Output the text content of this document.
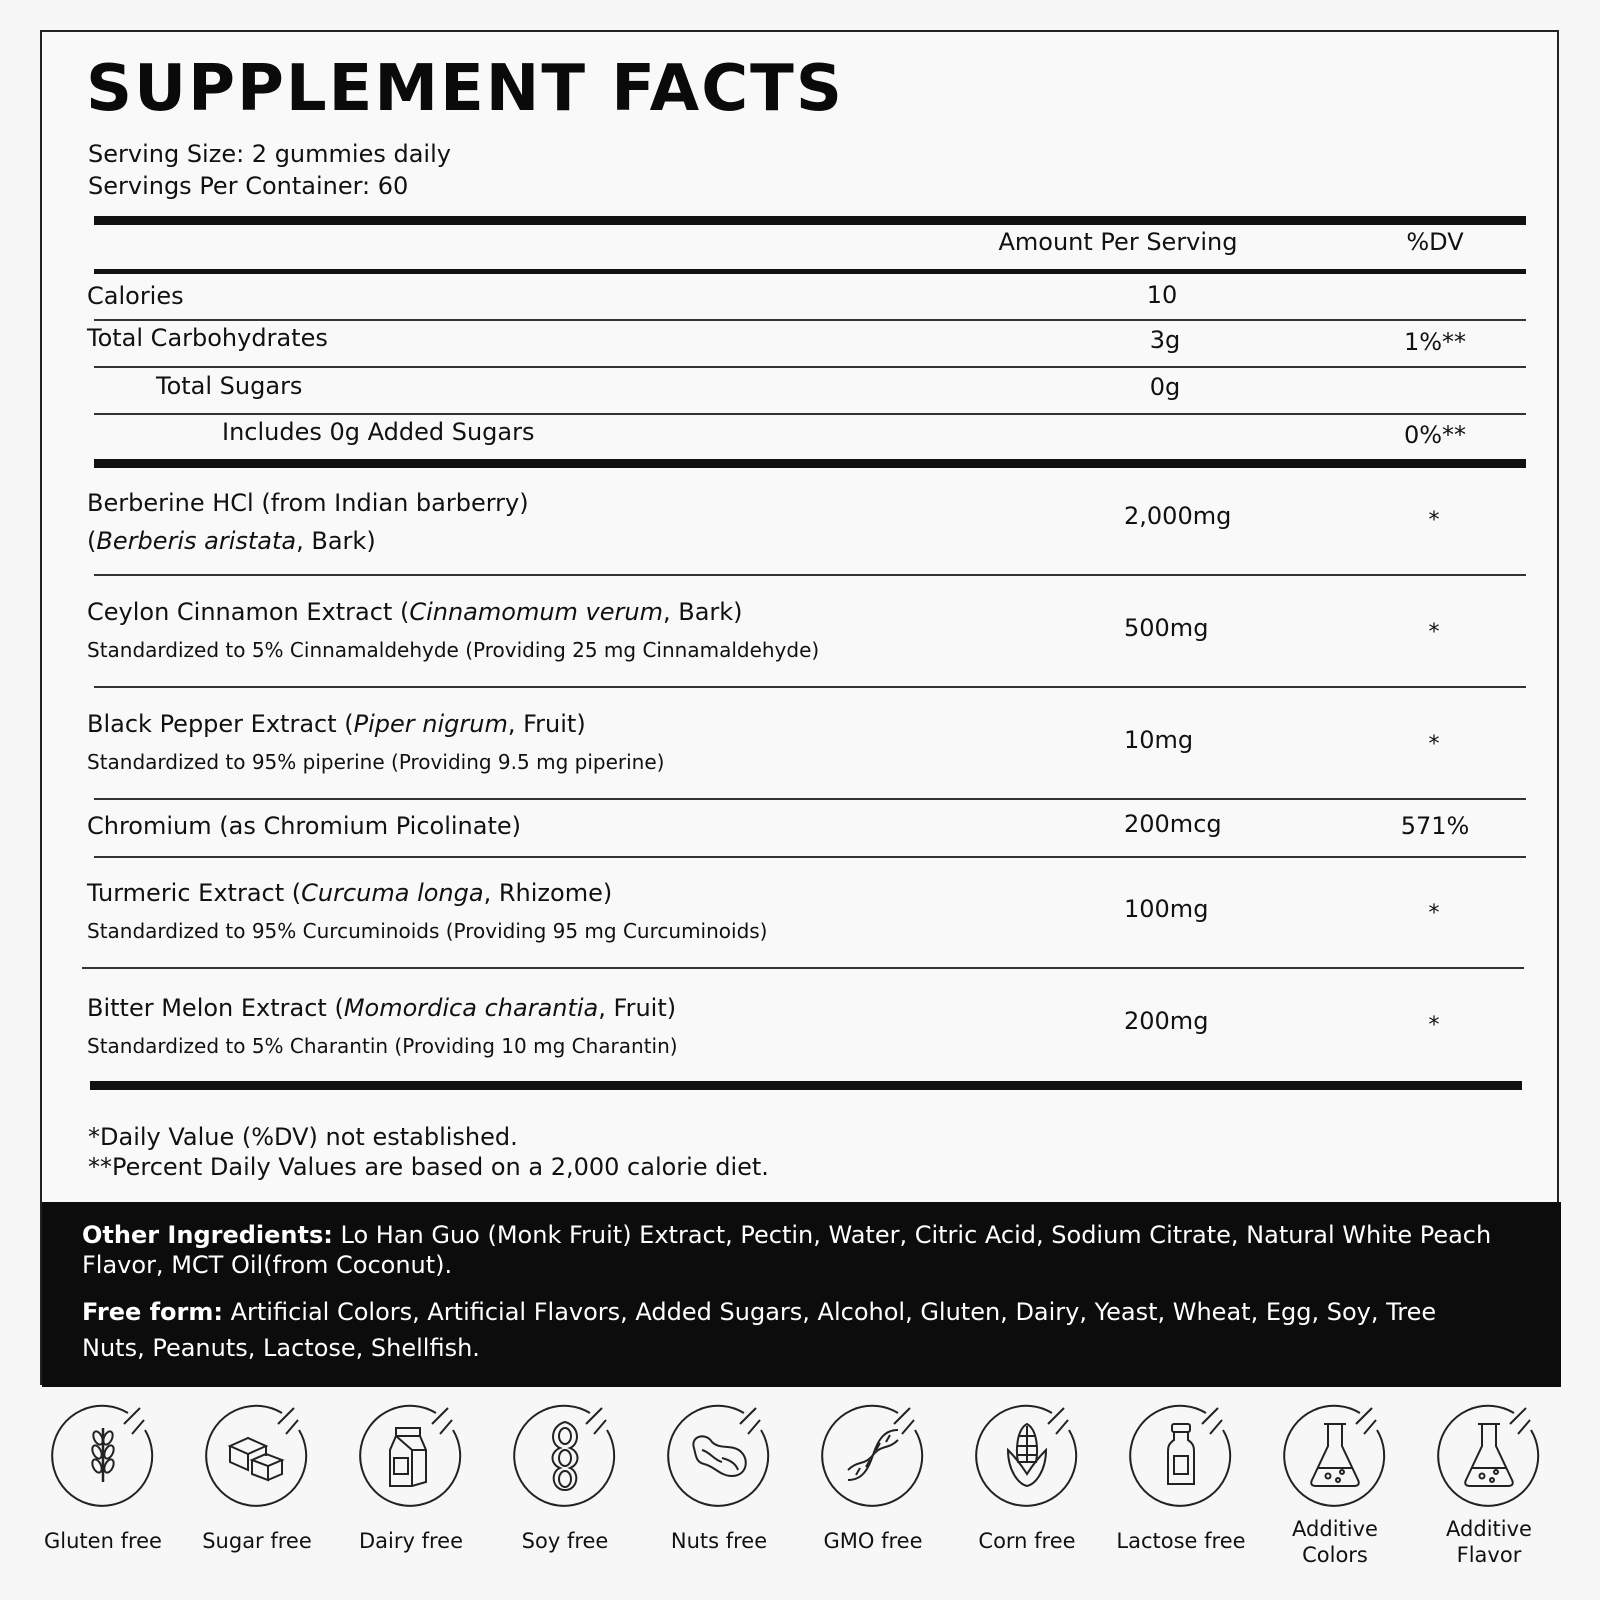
SUPPLEMENT FACTS
Serving Size: 2 gummies daily
Servings Per Container: 60
Amount Per Serving	%DV
Calories	10
Total Carbohydrates	3g	1%**
Total Sugars	0g
Includes 0g Added Sugars	0%**
Berberine HCl (from Indian barberry)
(Berberis aristata, Bark)
2,000mg	*
Ceylon Cinnamon Extract (Cinnamomum verum, Bark)
Standardized to 5% Cinnamaldehyde (Providing 25 mg Cinnamaldehyde)
500mg	*
Black Pepper Extract (Piper nigrum, Fruit)
Standardized to 95% piperine (Providing 9.5 mg piperine)
10mg	*
Chromium (as Chromium Picolinate)	200mcg	571%
Turmeric Extract (Curcuma longa, Rhizome)
Standardized to 95% Curcuminoids (Providing 95 mg Curcuminoids)
100mg	*
Bitter Melon Extract (Momordica charantia, Fruit)
Standardized to 5% Charantin (Providing 10 mg Charantin)
200mg	*
*Daily Value (%DV) not established.
**Percent Daily Values are based on a 2,000 calorie diet.

Other Ingredients: Lo Han Guo (Monk Fruit) Extract, Pectin, Water, Citric Acid, Sodium Citrate, Natural White Peach Flavor, MCT Oil(from Coconut).

Free form: Artificial Colors, Artificial Flavors, Added Sugars, Alcohol, Gluten, Dairy, Yeast, Wheat, Egg, Soy, Tree Nuts, Peanuts, Lactose, Shellfish.

Gluten free	Sugar free	Dairy free	Soy free	Nuts free	GMO free	Corn free	Lactose free	Additive
Colors
Additive
Flavor
